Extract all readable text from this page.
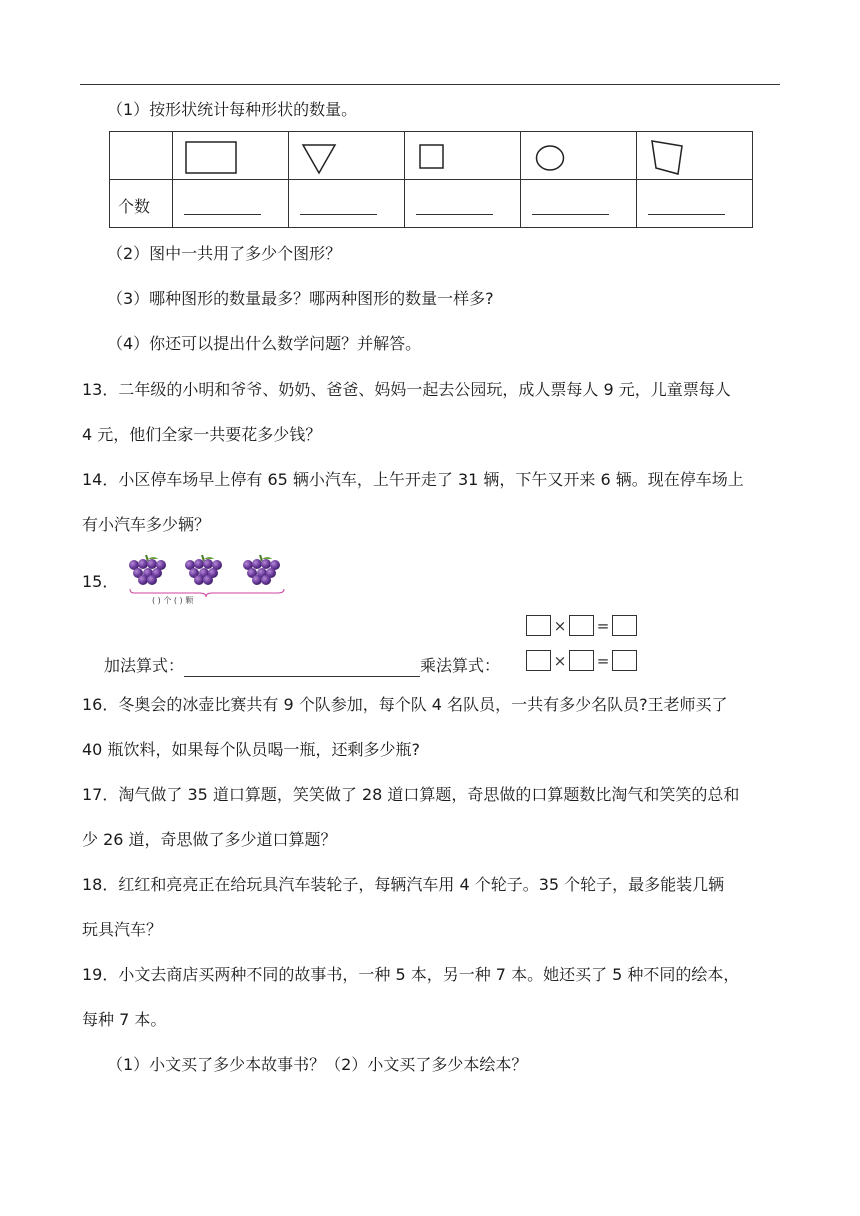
（1）按形状统计每种形状的数量。

个数					

（2）图中一共用了多少个图形？
（3）哪种图形的数量最多？哪两种图形的数量一样多?
（4）你还可以提出什么数学问题？并解答。
13．二年级的小明和爷爷、奶奶、爸爸、妈妈一起去公园玩，成人票每人 9 元，儿童票每人
4 元，他们全家一共要花多少钱？
14．小区停车场早上停有 65 辆小汽车，上午开走了 31 辆，下午又开来 6 辆。现在停车场上
有小汽车多少辆？
15．
( ) 个 ( ) 颗
× =
加法算式：	乘法算式：	× =
16．冬奥会的冰壶比赛共有 9 个队参加，每个队 4 名队员，一共有多少名队员?王老师买了
40 瓶饮料，如果每个队员喝一瓶，还剩多少瓶?
17．淘气做了 35 道口算题，笑笑做了 28 道口算题，奇思做的口算题数比淘气和笑笑的总和
少 26 道，奇思做了多少道口算题？
18．红红和亮亮正在给玩具汽车装轮子，每辆汽车用 4 个轮子。35 个轮子，最多能装几辆
玩具汽车？
19．小文去商店买两种不同的故事书，一种 5 本，另一种 7 本。她还买了 5 种不同的绘本，
每种 7 本。
（1）小文买了多少本故事书？（2）小文买了多少本绘本？
